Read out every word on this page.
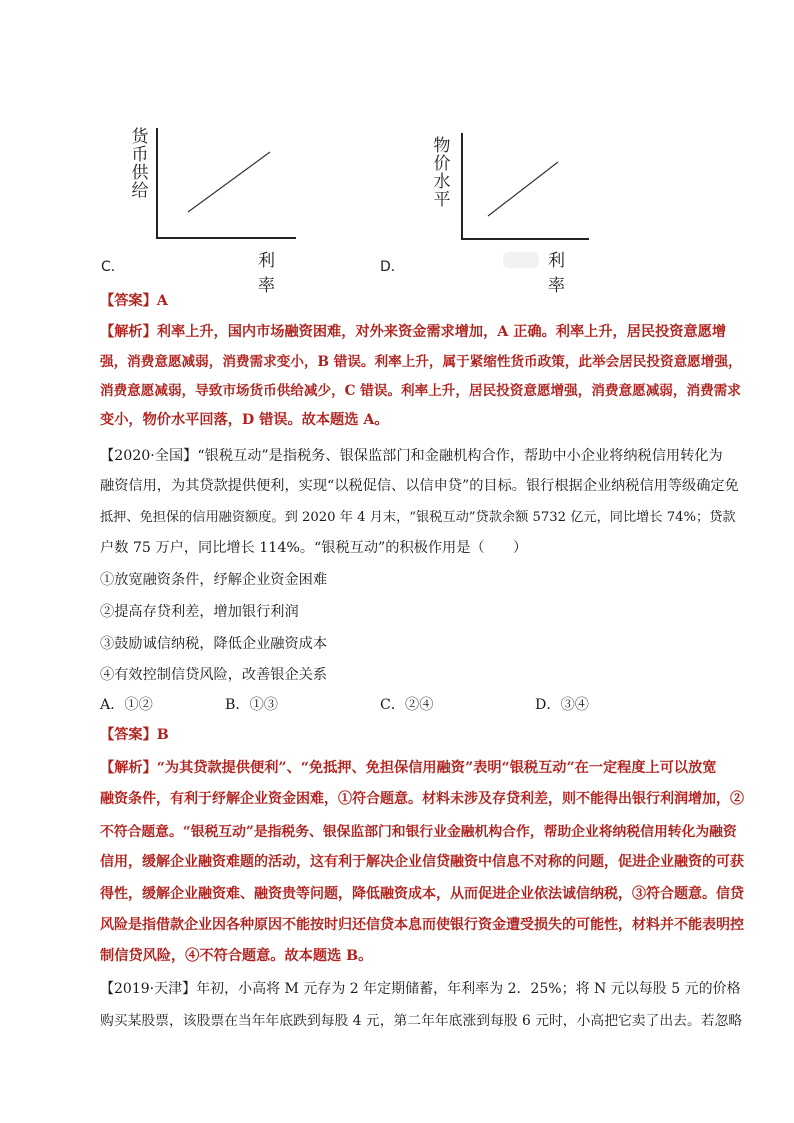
货币供给
利率
C．
物价水平
利率
D．
【答案】A
【解析】利率上升，国内市场融资困难，对外来资金需求增加，A 正确。利率上升，居民投资意愿增
强，消费意愿减弱，消费需求变小，B 错误。利率上升，属于紧缩性货币政策，此举会居民投资意愿增强，
消费意愿减弱，导致市场货币供给减少，C 错误。利率上升，居民投资意愿增强，消费意愿减弱，消费需求
变小，物价水平回落，D 错误。故本题选 A。
【2020·全国】“银税互动”是指税务、银保监部门和金融机构合作，帮助中小企业将纳税信用转化为
融资信用，为其贷款提供便利，实现“以税促信、以信申贷”的目标。银行根据企业纳税信用等级确定免
抵押、免担保的信用融资额度。到 2020 年 4 月末，“银税互动”贷款余额 5732 亿元，同比增长 74%；贷款
户数 75 万户，同比增长 114%。“银税互动”的积极作用是（　　）
①放宽融资条件，纾解企业资金困难
②提高存贷利差，增加银行利润
③鼓励诚信纳税，降低企业融资成本
④有效控制信贷风险，改善银企关系
A．①②	B．①③	C．②④	D．③④
【答案】B
【解析】“为其贷款提供便利”、“免抵押、免担保信用融资”表明“银税互动”在一定程度上可以放宽
融资条件，有利于纾解企业资金困难，①符合题意。材料未涉及存贷利差，则不能得出银行利润增加，②
不符合题意。“银税互动”是指税务、银保监部门和银行业金融机构合作，帮助企业将纳税信用转化为融资
信用，缓解企业融资难题的活动，这有利于解决企业信贷融资中信息不对称的问题，促进企业融资的可获
得性，缓解企业融资难、融资贵等问题，降低融资成本，从而促进企业依法诚信纳税，③符合题意。信贷
风险是指借款企业因各种原因不能按时归还信贷本息而使银行资金遭受损失的可能性，材料并不能表明控
制信贷风险，④不符合题意。故本题选 B。
【2019·天津】年初，小高将 M 元存为 2 年定期储蓄，年利率为 2．25%；将 N 元以每股 5 元的价格
购买某股票，该股票在当年年底跌到每股 4 元，第二年年底涨到每股 6 元时，小高把它卖了出去。若忽略
